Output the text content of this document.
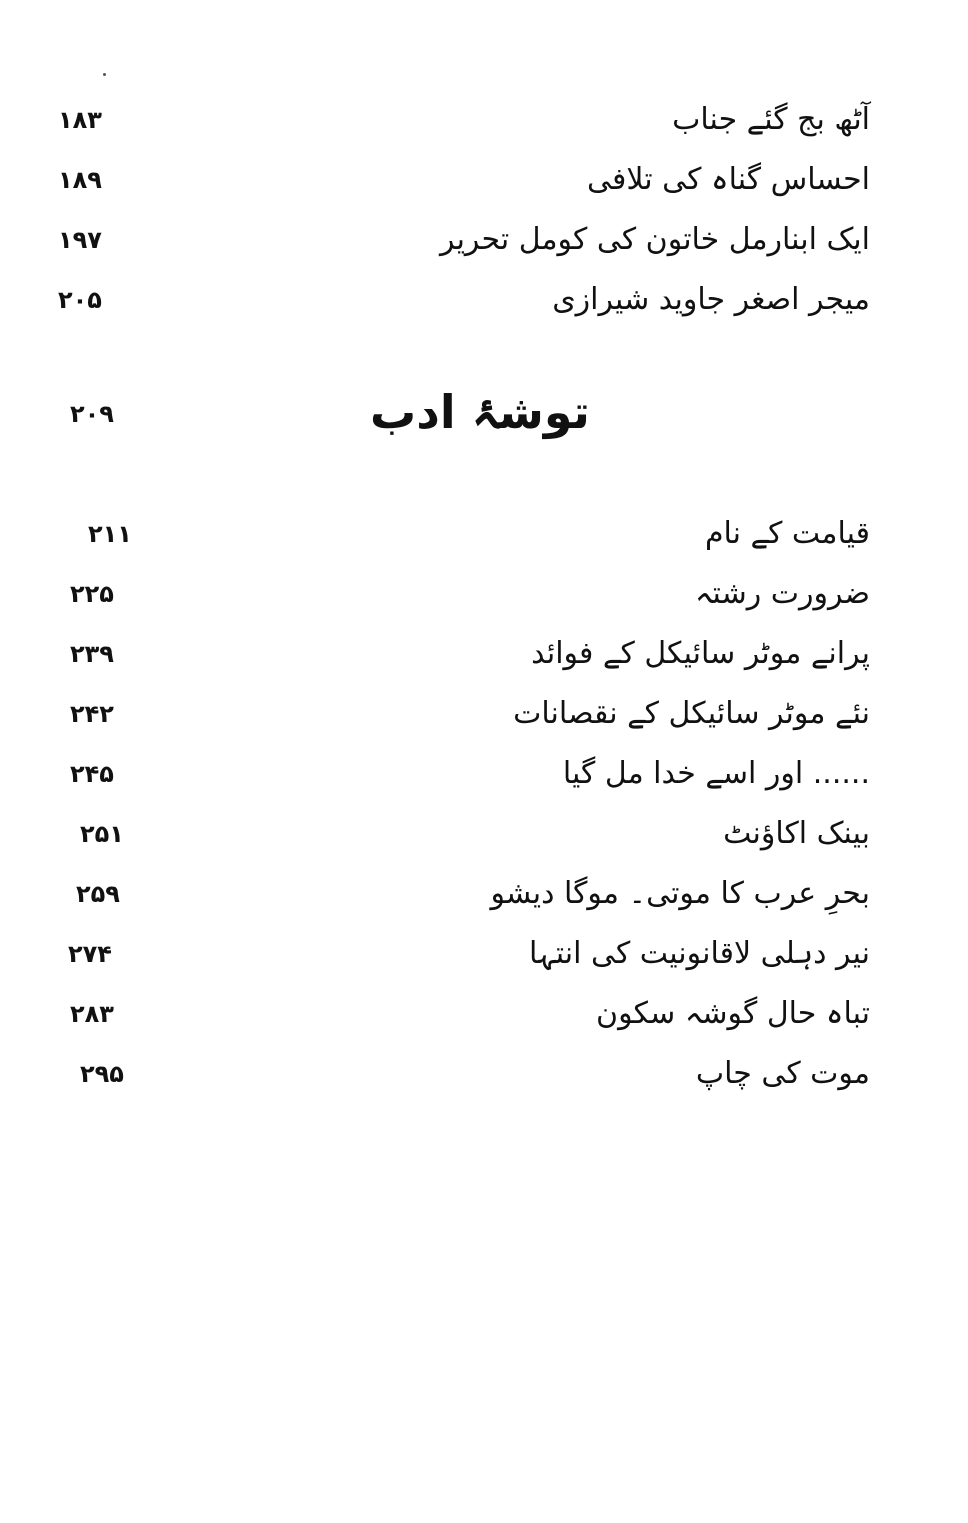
آٹھ بج گئے جناب
۱۸۳
احساس گناہ کی تلافی
۱۸۹
ایک ابنارمل خاتون کی کومل تحریر
۱۹۷
میجر اصغر جاوید شیرازی
۲۰۵
توشۂ ادب
۲۰۹
قیامت کے نام
۲۱۱
ضرورت رشتہ
۲۲۵
پرانے موٹر سائیکل کے فوائد
۲۳۹
نئے موٹر سائیکل کے نقصانات
۲۴۲
...... اور اسے خدا مل گیا
۲۴۵
بینک اکاؤنٹ
۲۵۱
بحرِ عرب کا موتی۔ موگا دیشو
۲۵۹
نیر دہلی لاقانونیت کی انتہا
۲۷۴
تباہ حال گوشہ سکون
۲۸۳
موت کی چاپ
۲۹۵
